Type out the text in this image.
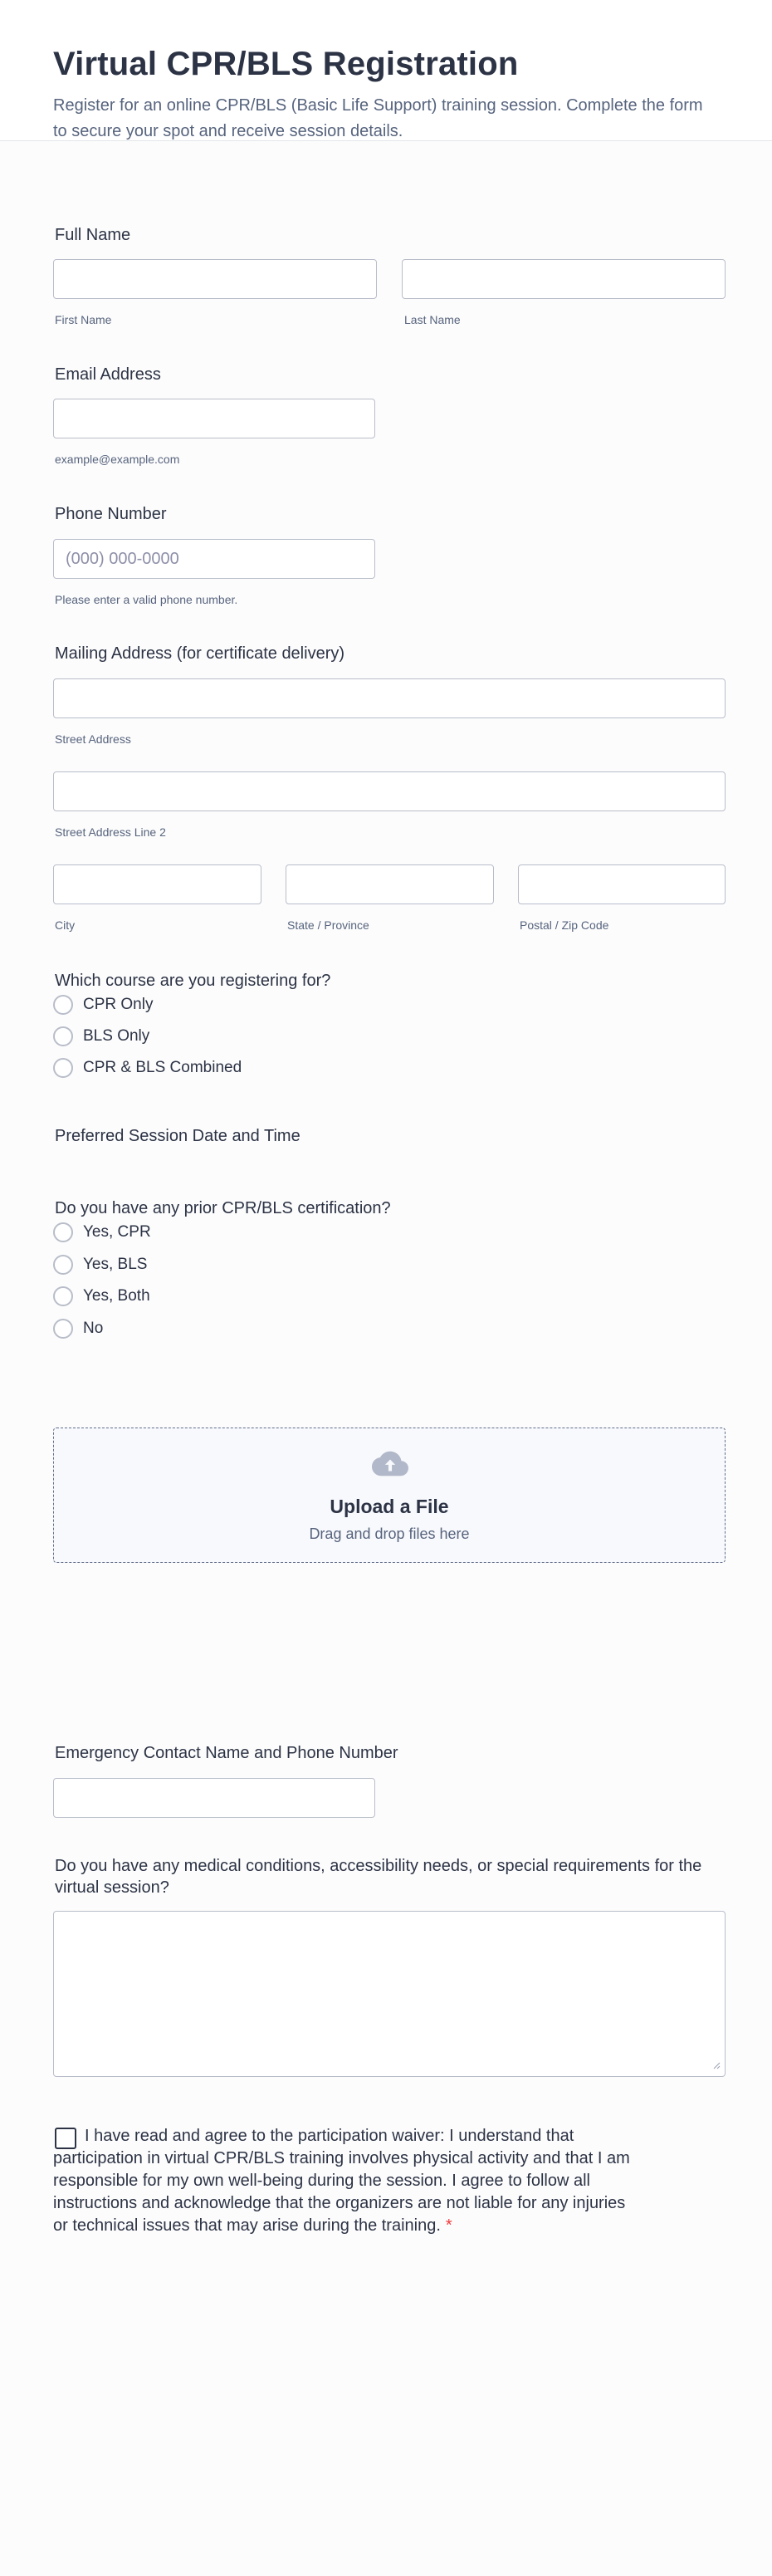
Virtual CPR/BLS Registration

Register for an online CPR/BLS (Basic Life Support) training session. Complete the form to secure your spot and receive session details.

Full Name
First Name	Last Name
Email Address
example@example.com
Phone Number
(000) 000-0000
Please enter a valid phone number.
Mailing Address (for certificate delivery)
Street Address
Street Address Line 2
City	State / Province	Postal / Zip Code
Which course are you registering for?
CPR Only
BLS Only
CPR & BLS Combined
Preferred Session Date and Time
Do you have any prior CPR/BLS certification?
Yes, CPR
Yes, BLS
Yes, Both
No
Upload a File
Drag and drop files here
Emergency Contact Name and Phone Number
Do you have any medical conditions, accessibility needs, or special requirements for the virtual session?
I have read and agree to the participation waiver: I understand that participation in virtual CPR/BLS training involves physical activity and that I am responsible for my own well-being during the session. I agree to follow all instructions and acknowledge that the organizers are not liable for any injuries or technical issues that may arise during the training. *
